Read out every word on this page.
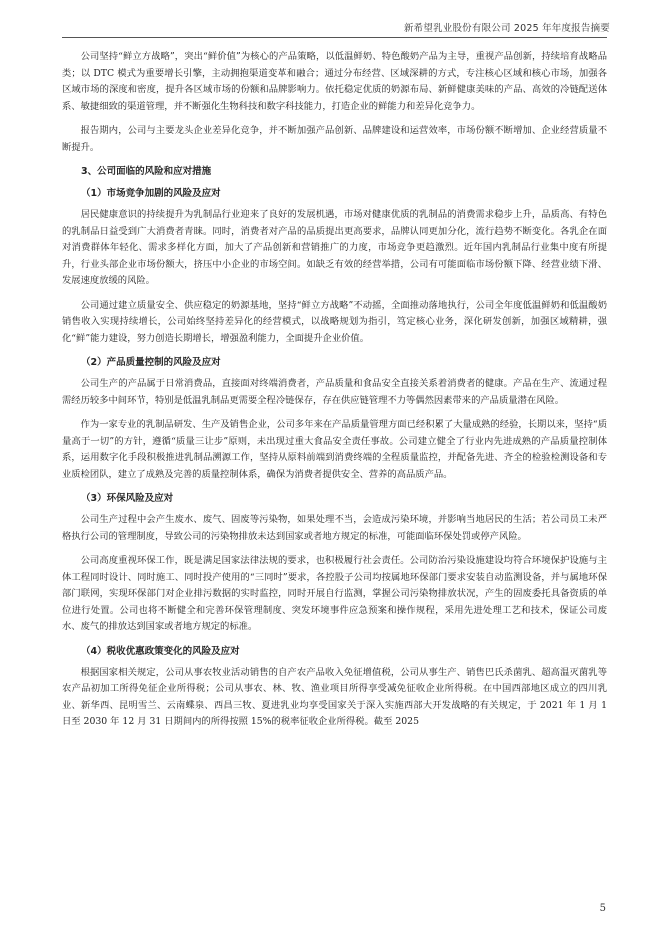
新希望乳业股份有限公司 2025 年年度报告摘要

公司坚持“鲜立方战略”，突出“鲜价值”为核心的产品策略，以低温鲜奶、特色酸奶产品为主导，重视产品创新，持续培育战略品类；以 DTC 模式为重要增长引擎，主动拥抱渠道变革和融合；通过分布经营、区域深耕的方式，专注核心区域和核心市场，加强各区域市场的深度和密度，提升各区域市场的份额和品牌影响力。依托稳定优质的奶源布局、新鲜健康美味的产品、高效的冷链配送体系、敏捷细致的渠道管理，并不断强化生物科技和数字科技能力，打造企业的鲜能力和差异化竞争力。

报告期内，公司与主要龙头企业差异化竞争，并不断加强产品创新、品牌建设和运营效率，市场份额不断增加、企业经营质量不断提升。

3、公司面临的风险和应对措施
（1）市场竞争加剧的风险及应对

居民健康意识的持续提升为乳制品行业迎来了良好的发展机遇，市场对健康优质的乳制品的消费需求稳步上升，品质高、有特色的乳制品日益受到广大消费者青睐。同时，消费者对产品的品质提出更高要求，品牌认同更加分化，流行趋势不断变化。各乳企在面对消费群体年轻化、需求多样化方面，加大了产品创新和营销推广的力度，市场竞争更趋激烈。近年国内乳制品行业集中度有所提升，行业头部企业市场份额大，挤压中小企业的市场空间。如缺乏有效的经营举措，公司有可能面临市场份额下降、经营业绩下滑、发展速度放缓的风险。

公司通过建立质量安全、供应稳定的奶源基地，坚持“鲜立方战略”不动摇，全面推动落地执行，公司全年度低温鲜奶和低温酸奶销售收入实现持续增长，公司始终坚持差异化的经营模式，以战略规划为指引，笃定核心业务，深化研发创新，加强区域精耕，强化“鲜”能力建设，努力创造长期增长，增强盈利能力，全面提升企业价值。

（2）产品质量控制的风险及应对

公司生产的产品属于日常消费品，直接面对终端消费者，产品质量和食品安全直接关系着消费者的健康。产品在生产、流通过程需经历较多中间环节，特别是低温乳制品更需要全程冷链保存，存在供应链管理不力等偶然因素带来的产品质量潜在风险。

作为一家专业的乳制品研发、生产及销售企业，公司多年来在产品质量管理方面已经积累了大量成熟的经验，长期以来，坚持“质量高于一切”的方针，遵循“质量三让步”原则，未出现过重大食品安全责任事故。公司建立健全了行业内先进成熟的产品质量控制体系，运用数字化手段积极推进乳制品溯源工作，坚持从原料前端到消费终端的全程质量监控，并配备先进、齐全的检验检测设备和专业质检团队，建立了成熟及完善的质量控制体系，确保为消费者提供安全、营养的高品质产品。

（3）环保风险及应对

公司生产过程中会产生废水、废气、固废等污染物，如果处理不当，会造成污染环境，并影响当地居民的生活；若公司员工未严格执行公司的管理制度，导致公司的污染物排放未达到国家或者地方规定的标准，可能面临环保处罚或停产风险。

公司高度重视环保工作，既是满足国家法律法规的要求，也积极履行社会责任。公司防治污染设施建设均符合环境保护设施与主体工程同时设计、同时施工、同时投产使用的“三同时”要求，各控股子公司均按属地环保部门要求安装自动监测设备，并与属地环保部门联网，实现环保部门对企业排污数据的实时监控，同时开展自行监测，掌握公司污染物排放状况，产生的固废委托具备资质的单位进行处置。公司也将不断健全和完善环保管理制度、突发环境事件应急预案和操作规程，采用先进处理工艺和技术，保证公司废水、废气的排放达到国家或者地方规定的标准。

（4）税收优惠政策变化的风险及应对

根据国家相关规定，公司从事农牧业活动销售的自产农产品收入免征增值税，公司从事生产、销售巴氏杀菌乳、超高温灭菌乳等农产品初加工所得免征企业所得税；公司从事农、林、牧、渔业项目所得享受减免征收企业所得税。在中国西部地区成立的四川乳业、新华西、昆明雪兰、云南蝶泉、西昌三牧、夏进乳业均享受国家关于深入实施西部大开发战略的有关规定，于 2021 年 1 月 1 日至 2030 年 12 月 31 日期间内的所得按照 15%的税率征收企业所得税。截至 2025

5
